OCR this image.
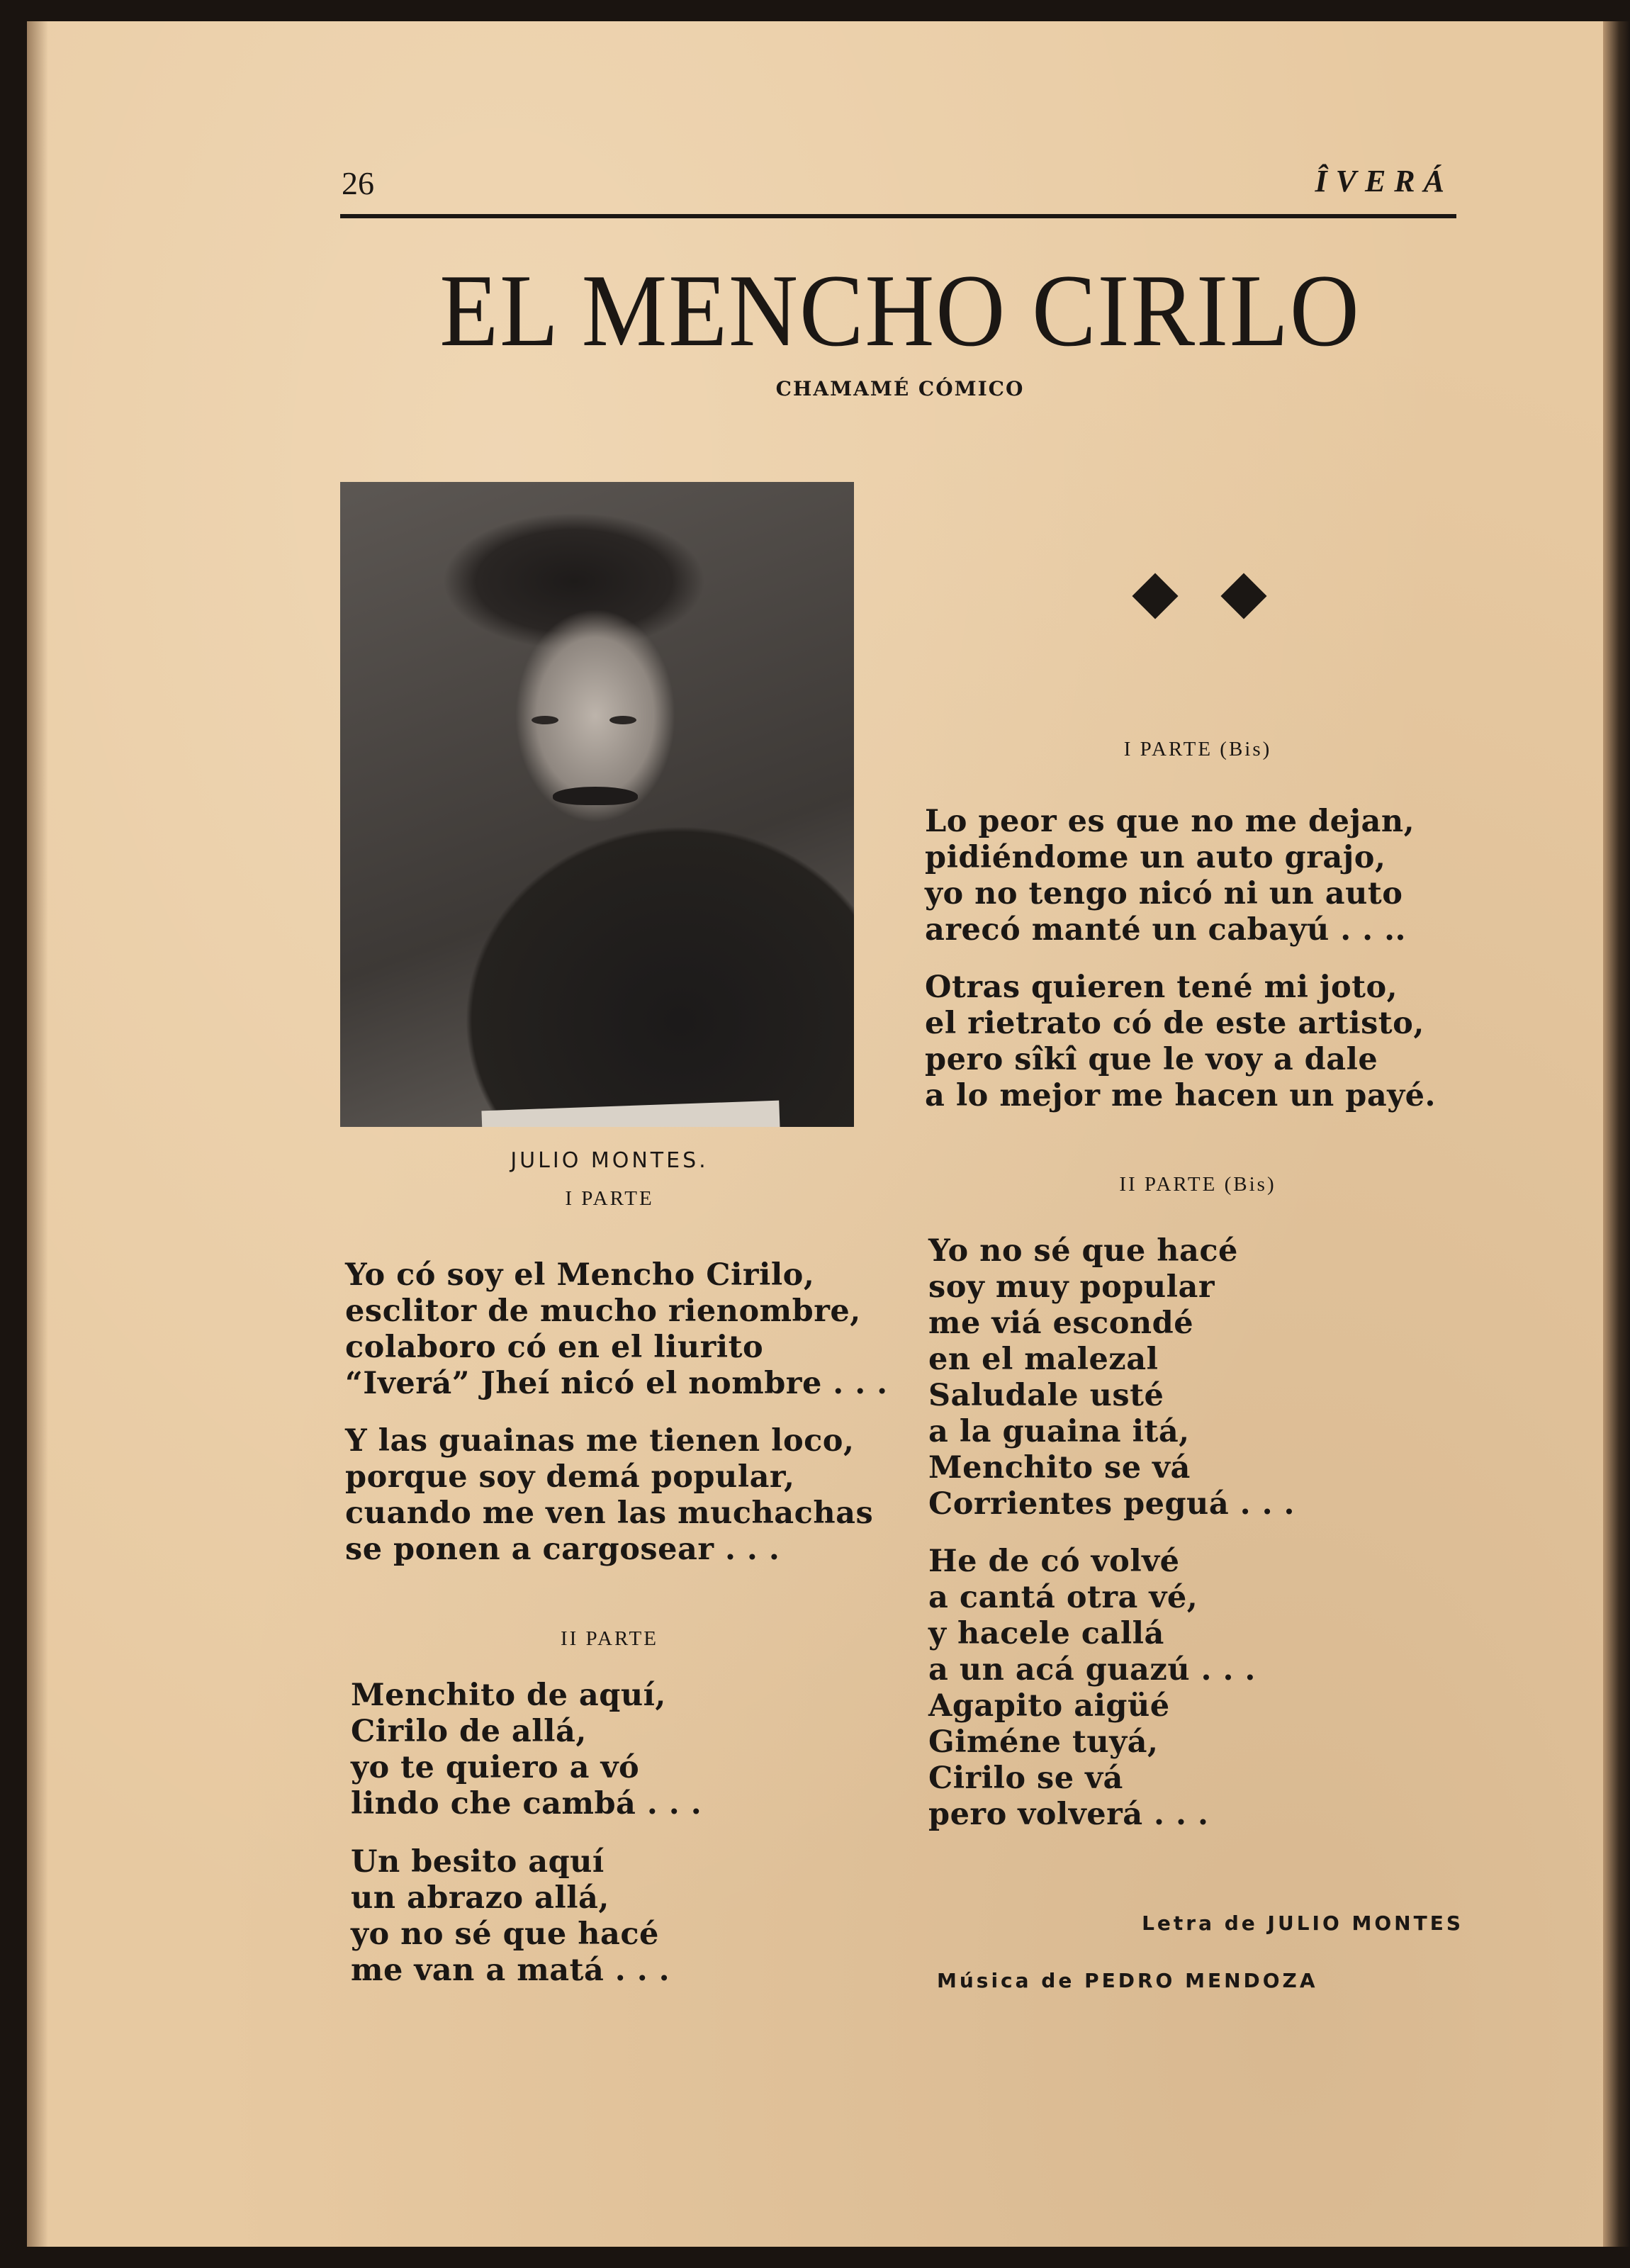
26	ÎVERÁ
EL MENCHO CIRILO
CHAMAMÉ CÓMICO
JULIO MONTES.
I PARTE
Yo có soy el Mencho Cirilo,
esclitor de mucho rienombre,
colaboro có en el liurito
“Iverá” Jheí nicó el nombre . . .
Y las guainas me tienen loco,
porque soy demá popular,
cuando me ven las muchachas
se ponen a cargosear . . .
II PARTE
Menchito de aquí,
Cirilo de allá,
yo te quiero a vó
lindo che cambá . . .
Un besito aquí
un abrazo allá,
yo no sé que hacé
me van a matá . . .
I PARTE (Bis)
Lo peor es que no me dejan,
pidiéndome un auto grajo,
yo no tengo nicó ni un auto
arecó manté un cabayú . . ..
Otras quieren tené mi joto,
el rietrato có de este artisto,
pero sîkî que le voy a dale
a lo mejor me hacen un payé.
II PARTE (Bis)
Yo no sé que hacé
soy muy popular
me viá escondé
en el malezal
Saludale usté
a la guaina itá,
Menchito se vá
Corrientes peguá . . .
He de có volvé
a cantá otra vé,
y hacele callá
a un acá guazú . . .
Agapito aigüé
Giméne tuyá,
Cirilo se vá
pero volverá . . .
Letra de JULIO MONTES
Música de PEDRO MENDOZA
